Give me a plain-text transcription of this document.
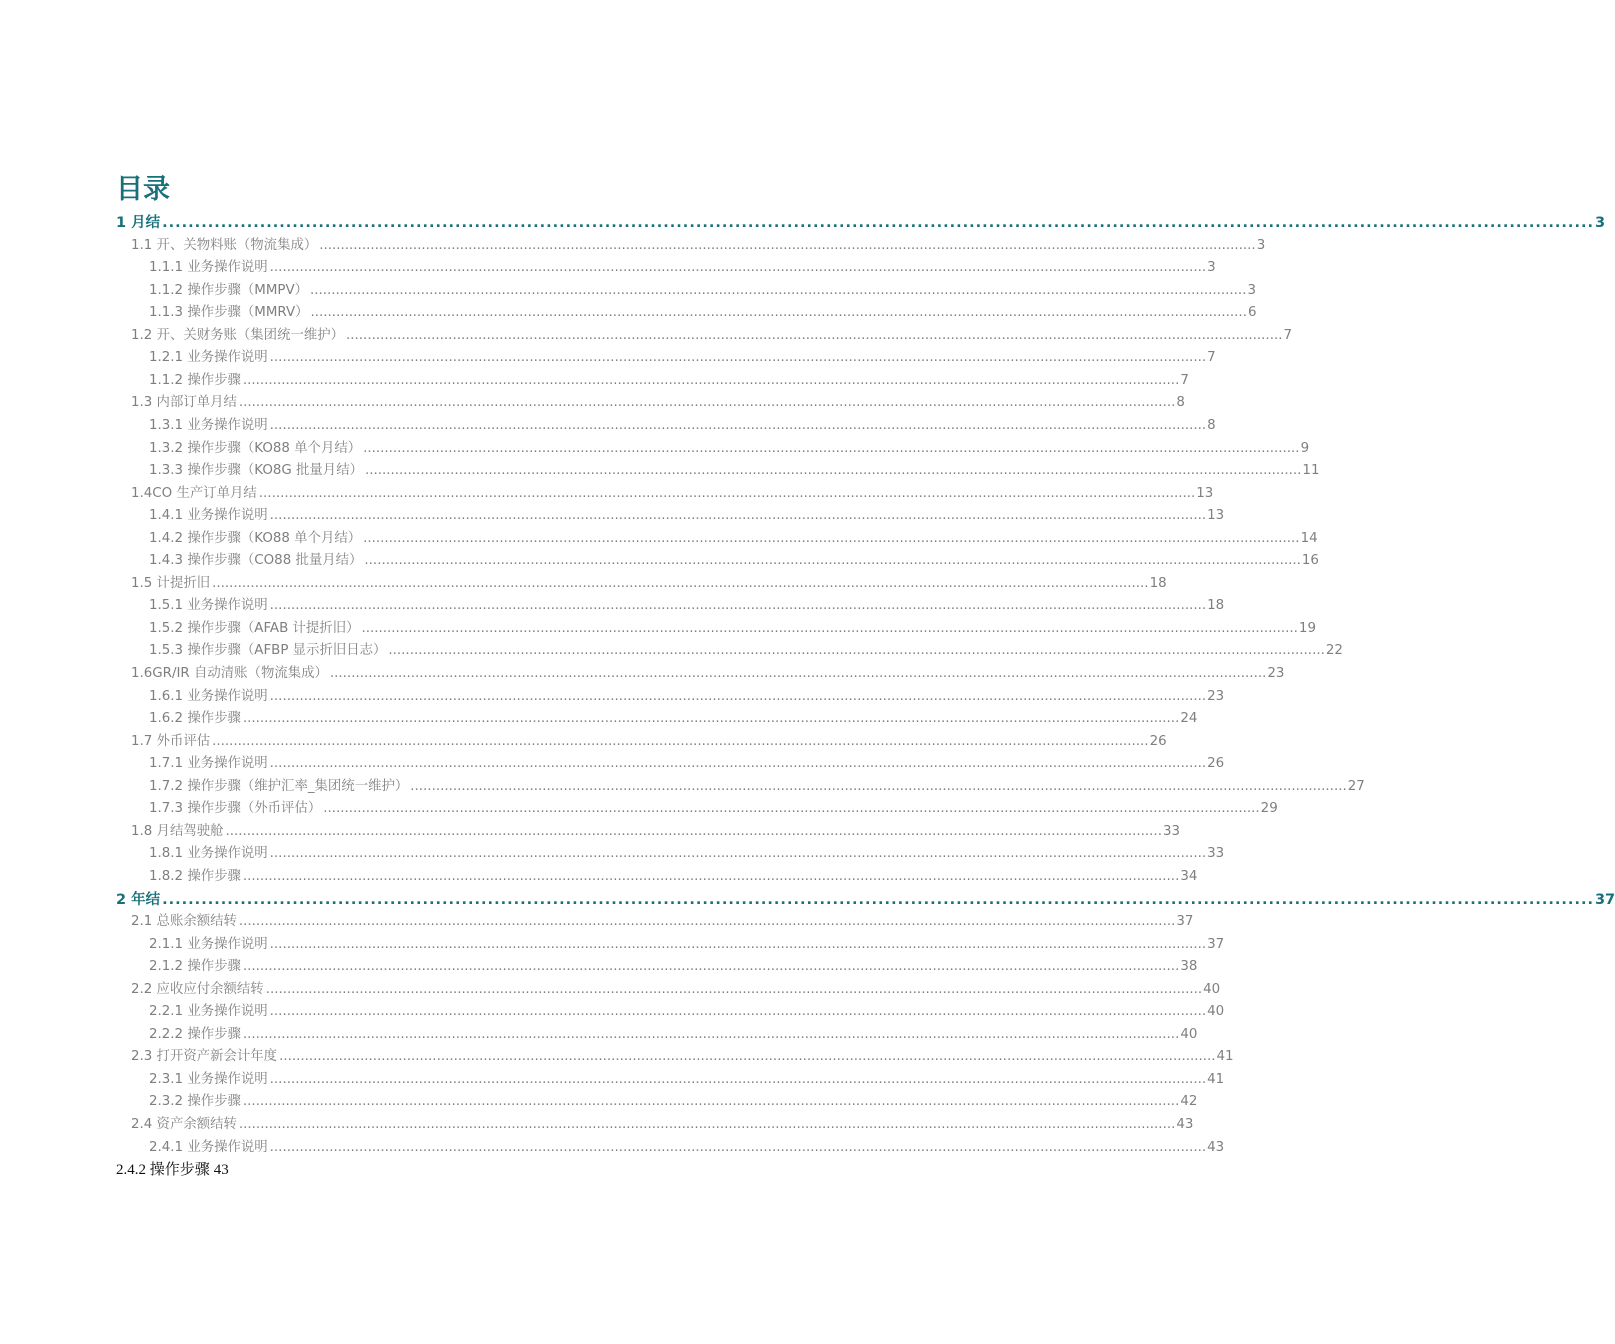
目录
1 月结 ............................................................................................................................................................................................................................ 3
1.1 开、关物料账（物流集成） ............................................................................................................................................................................................................................ 3
1.1.1 业务操作说明 ............................................................................................................................................................................................................................ 3
1.1.2 操作步骤（MMPV） ............................................................................................................................................................................................................................ 3
1.1.3 操作步骤（MMRV） ............................................................................................................................................................................................................................ 6
1.2 开、关财务账（集团统一维护） ............................................................................................................................................................................................................................ 7
1.2.1 业务操作说明 ............................................................................................................................................................................................................................ 7
1.1.2 操作步骤 ............................................................................................................................................................................................................................ 7
1.3 内部订单月结 ............................................................................................................................................................................................................................ 8
1.3.1 业务操作说明 ............................................................................................................................................................................................................................ 8
1.3.2 操作步骤（KO88 单个月结） ............................................................................................................................................................................................................................ 9
1.3.3 操作步骤（KO8G 批量月结） ............................................................................................................................................................................................................................ 11
1.4CO 生产订单月结 ............................................................................................................................................................................................................................ 13
1.4.1 业务操作说明 ............................................................................................................................................................................................................................ 13
1.4.2 操作步骤（KO88 单个月结） ............................................................................................................................................................................................................................ 14
1.4.3 操作步骤（CO88 批量月结） ............................................................................................................................................................................................................................ 16
1.5 计提折旧 ............................................................................................................................................................................................................................ 18
1.5.1 业务操作说明 ............................................................................................................................................................................................................................ 18
1.5.2 操作步骤（AFAB 计提折旧） ............................................................................................................................................................................................................................ 19
1.5.3 操作步骤（AFBP 显示折旧日志） ............................................................................................................................................................................................................................ 22
1.6GR/IR 自动清账（物流集成） ............................................................................................................................................................................................................................ 23
1.6.1 业务操作说明 ............................................................................................................................................................................................................................ 23
1.6.2 操作步骤 ............................................................................................................................................................................................................................ 24
1.7 外币评估 ............................................................................................................................................................................................................................ 26
1.7.1 业务操作说明 ............................................................................................................................................................................................................................ 26
1.7.2 操作步骤（维护汇率_集团统一维护） ............................................................................................................................................................................................................................ 27
1.7.3 操作步骤（外币评估） ............................................................................................................................................................................................................................ 29
1.8 月结驾驶舱 ............................................................................................................................................................................................................................ 33
1.8.1 业务操作说明 ............................................................................................................................................................................................................................ 33
1.8.2 操作步骤 ............................................................................................................................................................................................................................ 34
2 年结 ............................................................................................................................................................................................................................ 37
2.1 总账余额结转 ............................................................................................................................................................................................................................ 37
2.1.1 业务操作说明 ............................................................................................................................................................................................................................ 37
2.1.2 操作步骤 ............................................................................................................................................................................................................................ 38
2.2 应收应付余额结转 ............................................................................................................................................................................................................................ 40
2.2.1 业务操作说明 ............................................................................................................................................................................................................................ 40
2.2.2 操作步骤 ............................................................................................................................................................................................................................ 40
2.3 打开资产新会计年度 ............................................................................................................................................................................................................................ 41
2.3.1 业务操作说明 ............................................................................................................................................................................................................................ 41
2.3.2 操作步骤 ............................................................................................................................................................................................................................ 42
2.4 资产余额结转 ............................................................................................................................................................................................................................ 43
2.4.1 业务操作说明 ............................................................................................................................................................................................................................ 43
2.4.2 操作步骤 43
